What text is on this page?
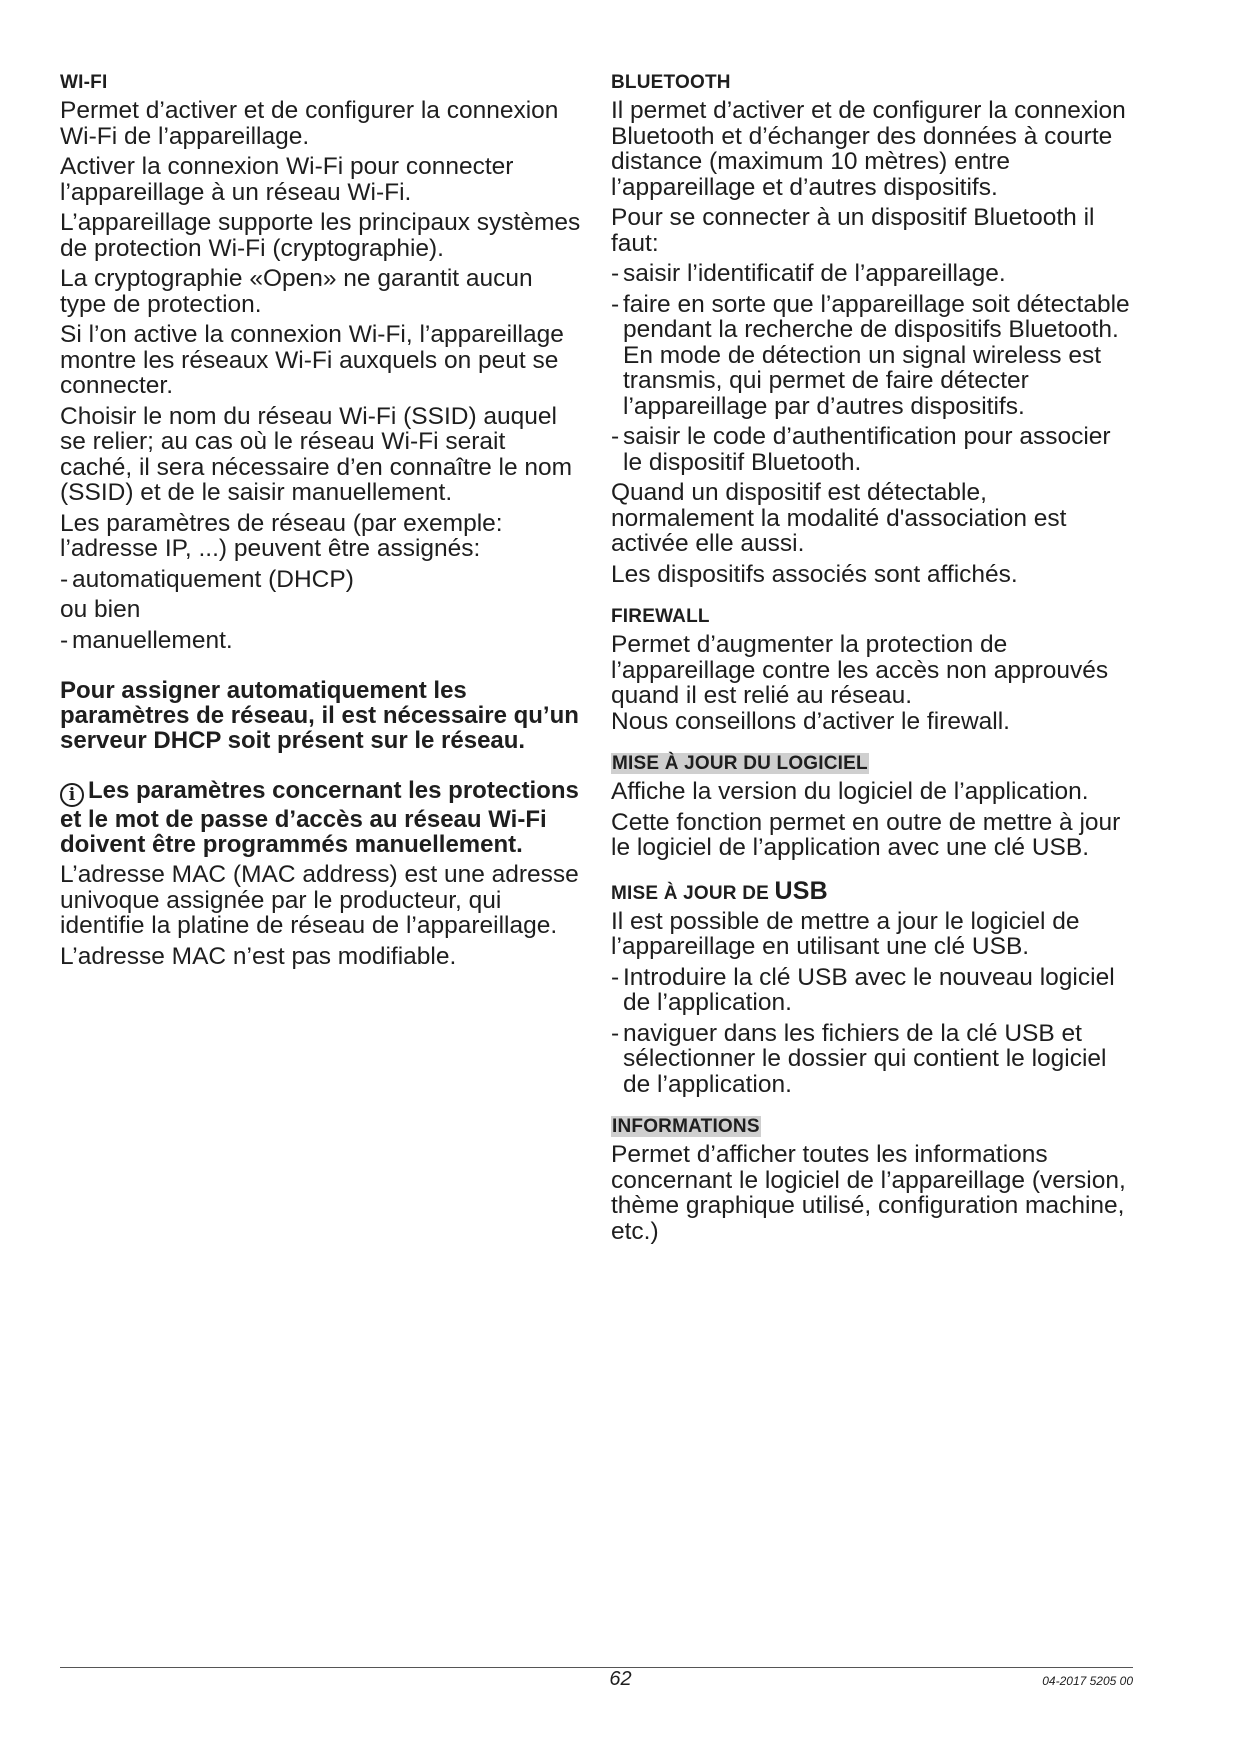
WI-FI

Permet d’activer et de configurer la connexion Wi-Fi de l’appareillage.

Activer la connexion Wi-Fi pour connecter l’appareillage à un réseau Wi-Fi.

L’appareillage supporte les principaux systèmes de protection Wi-Fi (cryptographie).

La cryptographie «Open» ne garantit aucun type de protection.

Si l’on active la connexion Wi-Fi, l’appareillage montre les réseaux Wi-Fi auxquels on peut se connecter.

Choisir le nom du réseau Wi-Fi (SSID) auquel se relier; au cas où le réseau Wi-Fi serait caché, il sera nécessaire d’en connaître le nom (SSID) et de le saisir manuellement.

Les paramètres de réseau (par exemple: l’adresse IP, ...) peuvent être assignés:

- automatiquement (DHCP)

ou bien

- manuellement.

Pour assigner automatiquement les paramètres de réseau, il est nécessaire qu’un serveur DHCP soit présent sur le réseau.

i Les paramètres concernant les protections et le mot de passe d’accès au réseau Wi-Fi doivent être programmés manuellement.

L’adresse MAC (MAC address) est une adresse univoque assignée par le producteur, qui identifie la platine de réseau de l’appareillage.

L’adresse MAC n’est pas modifiable.

BLUETOOTH

Il permet d’activer et de configurer la connexion Bluetooth et d’échanger des données à courte distance (maximum 10 mètres) entre l’appareillage et d’autres dispositifs.

Pour se connecter à un dispositif Bluetooth il faut:

- saisir l’identificatif de l’appareillage.
- faire en sorte que l’appareillage soit détectable pendant la recherche de dispositifs Bluetooth.
En mode de détection un signal wireless est transmis, qui permet de faire détecter l’appareillage par d’autres dispositifs.
- saisir le code d’authentification pour associer le dispositif Bluetooth.

Quand un dispositif est détectable, normalement la modalité d'association est activée elle aussi.

Les dispositifs associés sont affichés.

FIREWALL

Permet d’augmenter la protection de l’appareillage contre les accès non approuvés quand il est relié au réseau.

Nous conseillons d’activer le firewall.

MISE À JOUR DU LOGICIEL

Affiche la version du logiciel de l’application.

Cette fonction permet en outre de mettre à jour le logiciel de l’application avec une clé USB.

MISE À JOUR DE USB

Il est possible de mettre a jour le logiciel de l’appareillage en utilisant une clé USB.

- Introduire la clé USB avec le nouveau logiciel de l’application.
- naviguer dans les fichiers de la clé USB et sélectionner le dossier qui contient le logiciel de l’application.
INFORMATIONS

Permet d’afficher toutes les informations concernant le logiciel de l’appareillage (version, thème graphique utilisé, configuration machine, etc.)

62	04-2017 5205 00
